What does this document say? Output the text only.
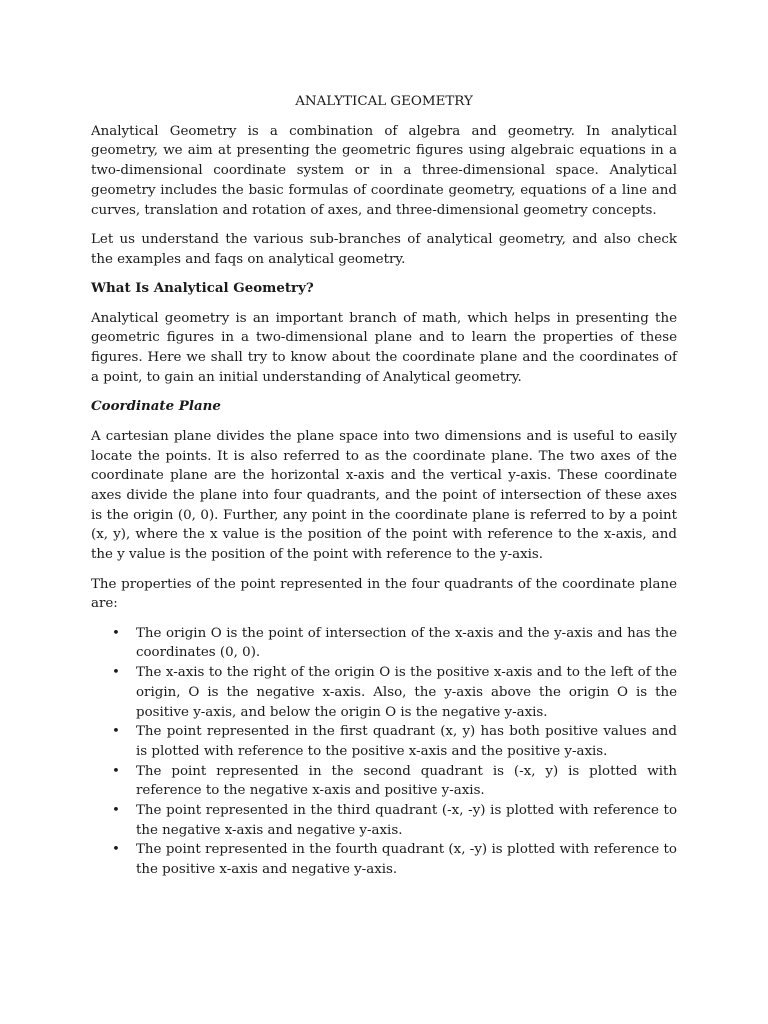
ANALYTICAL GEOMETRY

Analytical Geometry is a combination of algebra and geometry. In analytical geometry, we aim at presenting the geometric figures using algebraic equations in a two-dimensional coordinate system or in a three-dimensional space. Analytical geometry includes the basic formulas of coordinate geometry, equations of a line and curves, translation and rotation of axes, and three-dimensional geometry concepts.

Let us understand the various sub-branches of analytical geometry, and also check the examples and faqs on analytical geometry.

What Is Analytical Geometry?

Analytical geometry is an important branch of math, which helps in presenting the geometric figures in a two-dimensional plane and to learn the properties of these figures. Here we shall try to know about the coordinate plane and the coordinates of a point, to gain an initial understanding of Analytical geometry.

Coordinate Plane

A cartesian plane divides the plane space into two dimensions and is useful to easily locate the points. It is also referred to as the coordinate plane. The two axes of the coordinate plane are the horizontal x-axis and the vertical y-axis. These coordinate axes divide the plane into four quadrants, and the point of intersection of these axes is the origin (0, 0). Further, any point in the coordinate plane is referred to by a point (x, y), where the x value is the position of the point with reference to the x-axis, and the y value is the position of the point with reference to the y-axis.

The properties of the point represented in the four quadrants of the coordinate plane are:

•	The origin O is the point of intersection of the x-axis and the y-axis and has the coordinates (0, 0).
•	The x-axis to the right of the origin O is the positive x-axis and to the left of the origin, O is the negative x-axis. Also, the y-axis above the origin O is the positive y-axis, and below the origin O is the negative y-axis.
•	The point represented in the first quadrant (x, y) has both positive values and is plotted with reference to the positive x-axis and the positive y-axis.
•	The point represented in the second quadrant is (-x, y) is plotted with reference to the negative x-axis and positive y-axis.
•	The point represented in the third quadrant (-x, -y) is plotted with reference to the negative x-axis and negative y-axis.
•	The point represented in the fourth quadrant (x, -y) is plotted with reference to the positive x-axis and negative y-axis.
